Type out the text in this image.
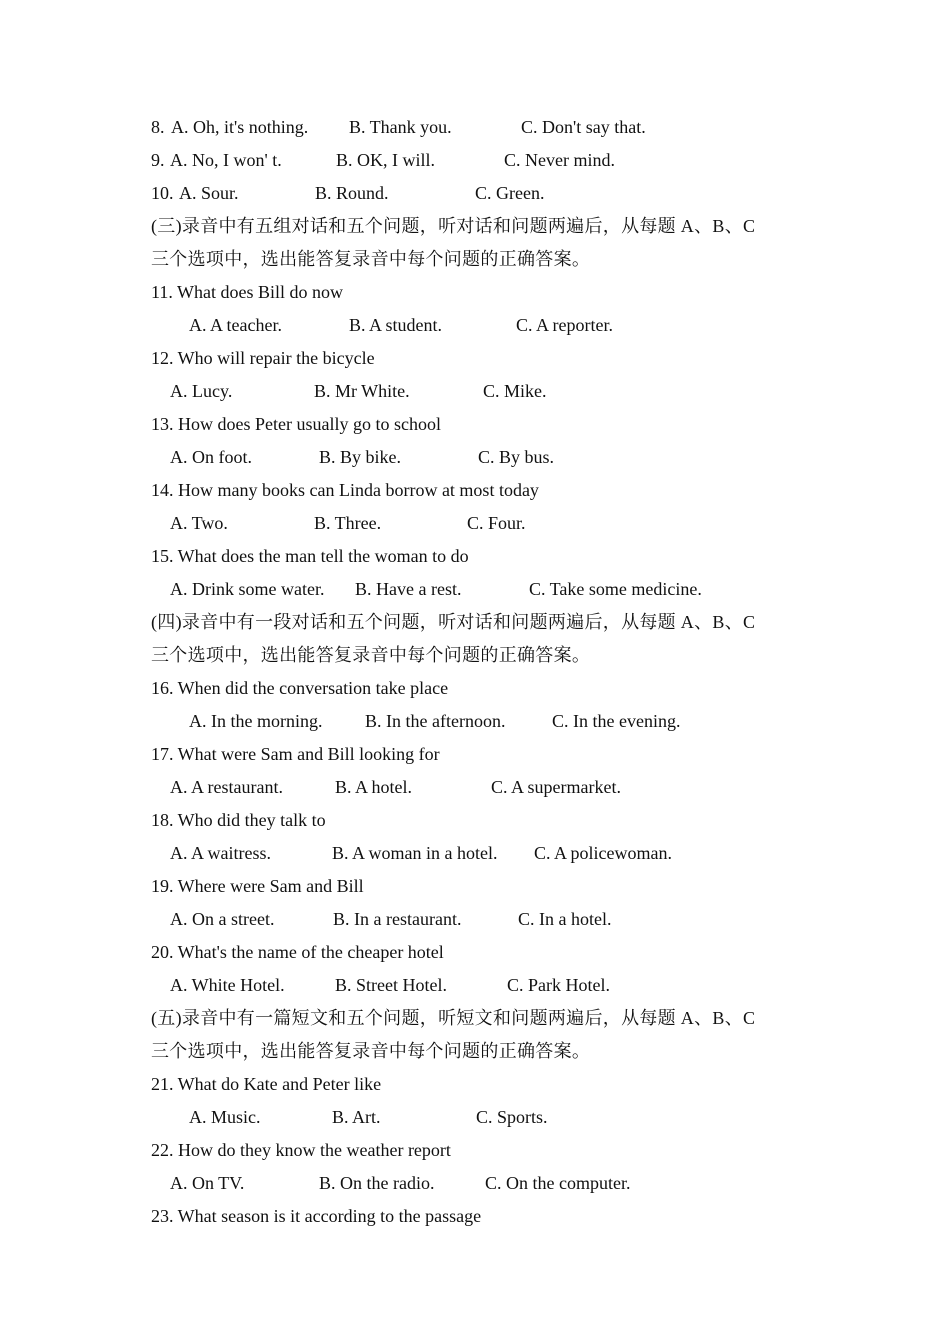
8. A. Oh, it's nothing. B. Thank you.	C. Don't say that.
9. A. No, I won' t.	B. OK, I will.	C. Never mind.
10. A. Sour.	B. Round.	C. Green.
(三)录音中有五组对话和五个问题，听对话和问题两遍后，从每题 A、B、C
三个选项中，选出能答复录音中每个问题的正确答案。
11. What does Bill do now
A. A teacher.	B. A student.	C. A reporter.
12. Who will repair the bicycle
A. Lucy.	B. Mr White.	C. Mike.
13. How does Peter usually go to school
A. On foot.	B. By bike.	C. By bus.
14. How many books can Linda borrow at most today
A. Two.	B. Three.	C. Four.
15. What does the man tell the woman to do
A. Drink some water. B. Have a rest.	C. Take some medicine.
(四)录音中有一段对话和五个问题，听对话和问题两遍后，从每题 A、B、C
三个选项中，选出能答复录音中每个问题的正确答案。
16. When did the conversation take place
A. In the morning. B. In the afternoon.	C. In the evening.
17. What were Sam and Bill looking for
A. A restaurant.	B. A hotel.	C. A supermarket.
18. Who did they talk to
A. A waitress.	B. A woman in a hotel. C. A policewoman.
19. Where were Sam and Bill
A. On a street.	B. In a restaurant.	C. In a hotel.
20. What's the name of the cheaper hotel
A. White Hotel.	B. Street Hotel.	C. Park Hotel.
(五)录音中有一篇短文和五个问题，听短文和问题两遍后，从每题 A、B、C
三个选项中，选出能答复录音中每个问题的正确答案。
21. What do Kate and Peter like
A. Music.	B. Art.	C. Sports.
22. How do they know the weather report
A. On TV.	B. On the radio.	C. On the computer.
23. What season is it according to the passage
